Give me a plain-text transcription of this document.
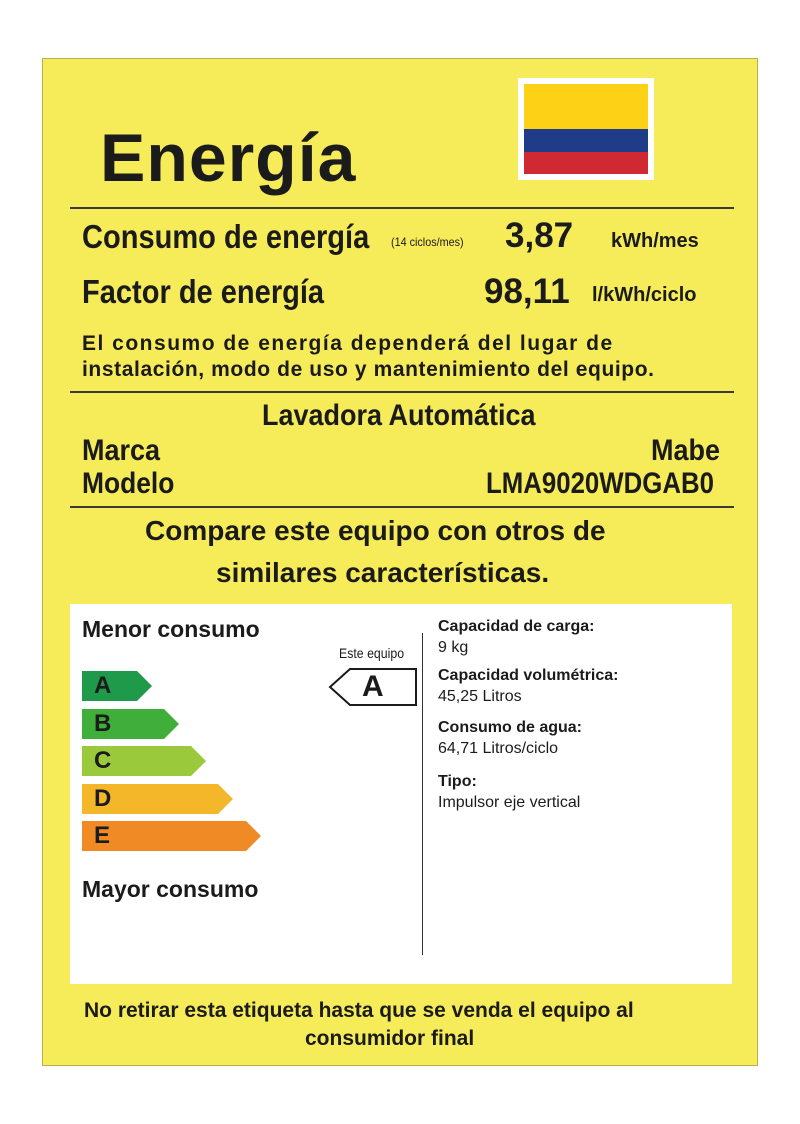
Energía
Consumo de energía (14 ciclos/mes) 3,87 kWh/mes
Factor de energía	98,11 l/kWh/ciclo
El consumo de energía dependerá del lugar de
instalación, modo de uso y mantenimiento del equipo.
Lavadora Automática
Marca	Mabe
Modelo	LMA9020WDGAB0
Compare este equipo con otros de
similares características.
Menor consumo
A
B
C
D
E
Mayor consumo
Este equipo
A
Capacidad de carga:
9 kg
Capacidad volumétrica:
45,25 Litros
Consumo de agua:
64,71 Litros/ciclo
Tipo:
Impulsor eje vertical
No retirar esta etiqueta hasta que se venda el equipo al
consumidor final
